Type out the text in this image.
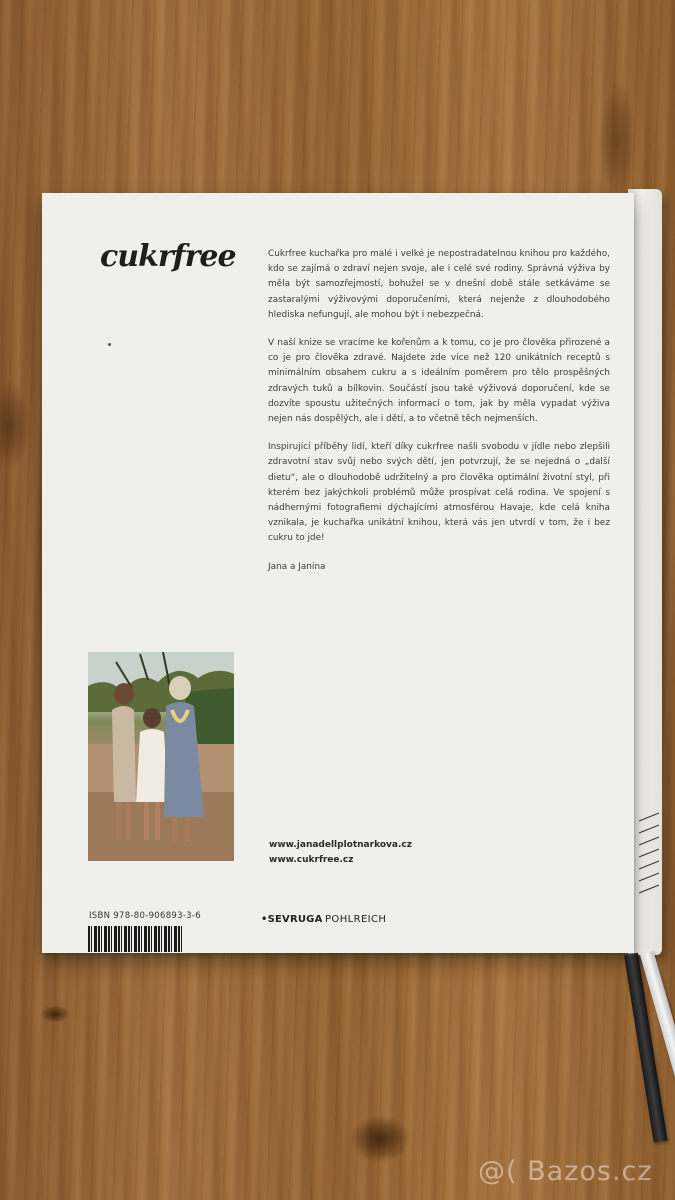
cukrfree	Cukrfree kuchařka pro malé i velké je nepostradatelnou knihou pro každého, kdo se zajímá o zdraví nejen svoje, ale i celé své rodiny. Správná výživa by měla být samozřejmostí, bohužel se v dnešní době stále setkáváme se zastaralými výživovými doporučeními, která nejenže z dlouhodobého hlediska nefungují, ale mohou být i nebezpečná.

V naší knize se vracíme ke kořenům a k tomu, co je pro člověka přirozené a co je pro člověka zdravé. Najdete zde více než 120 unikátních receptů s minimálním obsahem cukru a s ideálním poměrem pro tělo prospěšných zdravých tuků a bílkovin. Součástí jsou také výživová doporučení, kde se dozvíte spoustu užitečných informací o tom, jak by měla vypadat výživa nejen nás dospělých, ale i dětí, a to včetně těch nejmenších.

Inspirující příběhy lidí, kteří díky cukrfree našli svobodu v jídle nebo zlepšili zdravotní stav svůj nebo svých dětí, jen potvrzují, že se nejedná o „další dietu“, ale o dlouhodobě udržitelný a pro člověka optimální životní styl, při kterém bez jakýchkoli problémů může prospívat celá rodina. Ve spojení s nádhernými fotografiemi dýchajícími atmosférou Havaje, kde celá kniha vznikala, je kuchařka unikátní knihou, která vás jen utvrdí v tom, že i bez cukru to jde!

Jana a Janina
www.janadellplotnarkova.cz
www.cukrfree.cz
ISBN 978-80-906893-3-6	•SEVRUGA POHLREICH
@( Bazos.cz
